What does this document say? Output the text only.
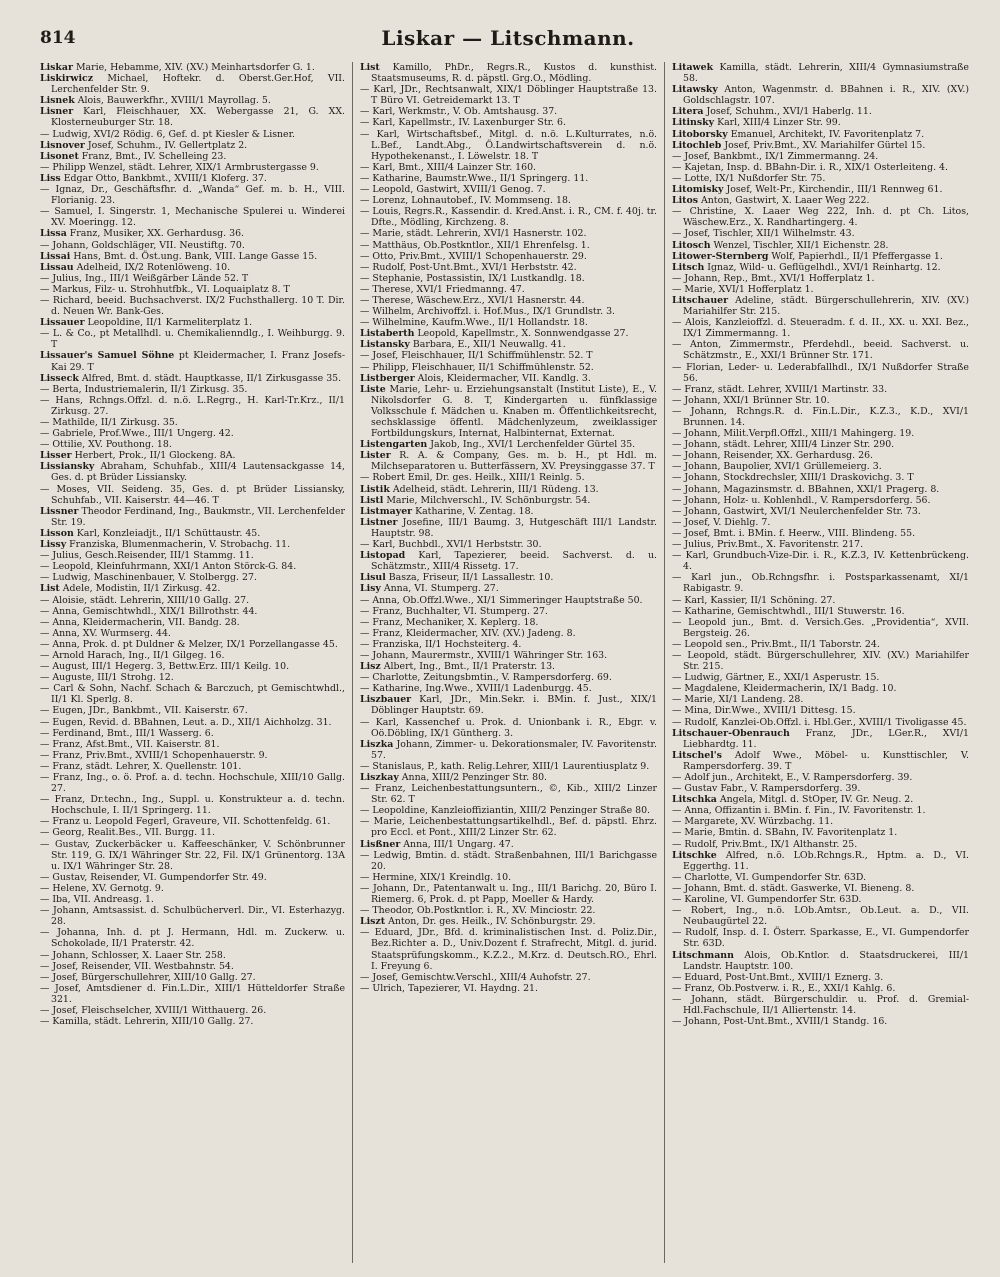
814	Liskar — Litschmann.
Liskar Marie, Hebamme, XIV. (XV.) Meinhartsdorfer G. 1.
Liskirwicz Michael, Hoftekr. d. Oberst.Ger.Hof, VII. Lerchenfelder Str. 9.
Lisnek Alois, Bauwerkfhr., XVIII/1 Mayrollag. 5.
Lisner Karl, Fleischhauer, XX. Webergasse 21, G. XX. Klosterneuburger Str. 18.
— Ludwig, XVI/2 Rödig. 6, Gef. d. pt Kiesler & Lisner.
Lisnover Josef, Schuhm., IV. Gellertplatz 2.
Lisonet Franz, Bmt., IV. Schelleing 23.
— Philipp Wenzel, städt. Lehrer, XIX/1 Armbrustergasse 9.
Liss Edgar Otto, Bankbmt., XVIII/1 Kloferg. 37.
— Ignaz, Dr., Geschäftsfhr. d. „Wanda“ Gef. m. b. H., VIII. Florianig. 23.
— Samuel, I. Singerstr. 1, Mechanische Spulerei u. Winderei XV. Moeringg. 12.
Lissa Franz, Musiker, XX. Gerhardusg. 36.
— Johann, Goldschläger, VII. Neustiftg. 70.
Lissai Hans, Bmt. d. Öst.ung. Bank, VIII. Lange Gasse 15.
Lissau Adelheid, IX/2 Rotenlöweng. 10.
— Julius, Ing., III/1 Weißgärber Lände 52. T
— Markus, Filz- u. Strohhutfbk., VI. Loquaiplatz 8. T
— Richard, beeid. Buchsachverst. IX/2 Fuchsthallerg. 10 T. Dir. d. Neuen Wr. Bank-Ges.
Lissauer Leopoldine, II/1 Karmeliterplatz 1.
— L. & Co., pt Metallhdl. u. Chemikalienndlg., I. Weihburgg. 9. T
Lissauer's Samuel Söhne pt Kleidermacher, I. Franz Josefs-Kai 29. T
Lisseck Alfred, Bmt. d. städt. Hauptkasse, II/1 Zirkusgasse 35.
— Berta, Industriemalerin, II/1 Zirkusg. 35.
— Hans, Rchngs.Offzl. d. n.ö. L.Regrg., H. Karl-Tr.Krz., II/1 Zirkusg. 27.
— Mathilde, II/1 Zirkusg. 35.
— Gabriele, Prof.Wwe., III/1 Ungerg. 42.
— Ottilie, XV. Pouthong. 18.
Lisser Herbert, Prok., II/1 Glockeng. 8A.
Lissiansky Abraham, Schuhfab., XIII/4 Lautensackgasse 14, Ges. d. pt Brüder Lissiansky.
— Moses, VII. Seideng. 35, Ges. d. pt Brüder Lissiansky, Schuhfab., VII. Kaiserstr. 44—46. T
Lissner Theodor Ferdinand, Ing., Baukmstr., VII. Lerchenfelder Str. 19.
Lisson Karl, Konzleiadjt., II/1 Schüttaustr. 45.
Lissy Franziska, Blumenmacherin, V. Strobachg. 11.
— Julius, Gesch.Reisender, III/1 Stammg. 11.
— Leopold, Kleinfuhrmann, XXI/1 Anton Störck-G. 84.
— Ludwig, Maschinenbauer, V. Stolbergg. 27.
List Adele, Modistin, II/1 Zirkusg. 42.
— Aloisie, städt. Lehrerin, XIII/10 Gallg. 27.
— Anna, Gemischtwhdl., XIX/1 Billrothstr. 44.
— Anna, Kleidermacherin, VII. Bandg. 28.
— Anna, XV. Wurmserg. 44.
— Anna, Prok. d. pt Duldner & Melzer, IX/1 Porzellangasse 45.
— Arnold Harach, Ing., II/1 Gilgeg. 16.
— August, III/1 Hegerg. 3, Bettw.Erz. III/1 Keilg. 10.
— Auguste, III/1 Strohg. 12.
— Carl & Sohn, Nachf. Schach & Barczuch, pt Gemischtwhdl., II/1 Kl. Sperlg. 8.
— Eugen, JDr., Bankbmt., VII. Kaiserstr. 67.
— Eugen, Revid. d. BBahnen, Leut. a. D., XII/1 Aichholzg. 31.
— Ferdinand, Bmt., III/1 Wasserg. 6.
— Franz, Afst.Bmt., VII. Kaiserstr. 81.
— Franz, Priv.Bmt., XVIII/1 Schopenhauerstr. 9.
— Franz, städt. Lehrer, X. Quellenstr. 101.
— Franz, Ing., o. ö. Prof. a. d. techn. Hochschule, XIII/10 Gallg. 27.
— Franz, Dr.techn., Ing., Suppl. u. Konstrukteur a. d. techn. Hochschule, I. II/1 Springerg. 11.
— Franz u. Leopold Fegerl, Graveure, VII. Schottenfeldg. 61.
— Georg, Realit.Bes., VII. Burgg. 11.
— Gustav, Zuckerbäcker u. Kaffeeschänker, V. Schönbrunner Str. 119, G. IX/1 Währinger Str. 22, Fil. IX/1 Grünentorg. 13A u. IX/1 Währinger Str. 28.
— Gustav, Reisender, VI. Gumpendorfer Str. 49.
— Helene, XV. Gernotg. 9.
— Iba, VII. Andreasg. 1.
— Johann, Amtsassist. d. Schulbücherverl. Dir., VI. Esterhazyg. 28.
— Johanna, Inh. d. pt J. Hermann, Hdl. m. Zuckerw. u. Schokolade, II/1 Praterstr. 42.
— Johann, Schlosser, X. Laaer Str. 258.
— Josef, Reisender, VII. Westbahnstr. 54.
— Josef, Bürgerschullehrer, XIII/10 Gallg. 27.
— Josef, Amtsdiener d. Fin.L.Dir., XIII/1 Hütteldorfer Straße 321.
— Josef, Fleischselcher, XVIII/1 Witthauerg. 26.
— Kamilla, städt. Lehrerin, XIII/10 Gallg. 27.
List Kamillo, PhDr., Regrs.R., Kustos d. kunsthist. Staatsmuseums, R. d. päpstl. Grg.O., Mödling.
— Karl, JDr., Rechtsanwalt, XIX/1 Döblinger Hauptstraße 13. T Büro VI. Getreidemarkt 13. T
— Karl, Werkmstr., V. Ob. Amtshausg. 37.
— Karl, Kapellmstr., IV. Laxenburger Str. 6.
— Karl, Wirtschaftsbef., Mitgl. d. n.ö. L.Kulturrates, n.ö. L.Bef., Landt.Abg., Ö.Landwirtschaftsverein d. n.ö. Hypothekenanst., I. Löwelstr. 18. T
— Karl, Bmt., XIII/4 Lainzer Str. 160.
— Katharine, Baumstr.Wwe., II/1 Springerg. 11.
— Leopold, Gastwirt, XVIII/1 Genog. 7.
— Lorenz, Lohnautobef., IV. Mommseng. 18.
— Louis, Regrs.R., Kassendir. d. Kred.Anst. i. R., CM. f. 40j. tr. Dfte., Mödling, Kirchzeng. 8.
— Marie, städt. Lehrerin, XVI/1 Hasnerstr. 102.
— Matthäus, Ob.Postkntlor., XII/1 Ehrenfelsg. 1.
— Otto, Priv.Bmt., XVIII/1 Schopenhauerstr. 29.
— Rudolf, Post-Unt.Bmt., XVI/1 Herbststr. 42.
— Stephanie, Postassistin, IX/1 Lustkandlg. 18.
— Therese, XVI/1 Friedmanng. 47.
— Therese, Wäschew.Erz., XVI/1 Hasnerstr. 44.
— Wilhelm, Archivoffzl. i. Hof.Mus., IX/1 Grundlstr. 3.
— Wilhelmine, Kaufm.Wwe., II/1 Hollandstr. 18.
Listaberth Leopold, Kapellmstr., X. Sonnwendgasse 27.
Listansky Barbara, E., XII/1 Neuwallg. 41.
— Josef, Fleischhauer, II/1 Schiffmühlenstr. 52. T
— Philipp, Fleischhauer, II/1 Schiffmühlenstr. 52.
Listberger Alois, Kleidermacher, VII. Kandlg. 3.
Liste Marie, Lehr- u. Erziehungsanstalt (Institut Liste), E., V. Nikolsdorfer G. 8. T, Kindergarten u. fünfklassige Volksschule f. Mädchen u. Knaben m. Öffentlichkeitsrecht, sechsklassige öffentl. Mädchenlyzeum, zweiklassiger Fortbildungskurs, Internat, Halbinternat, Externat.
Listengarten Jakob, Ing., XVI/1 Lerchenfelder Gürtel 35.
Lister R. A. & Company, Ges. m. b. H., pt Hdl. m. Milchseparatoren u. Butterfässern, XV. Preysinggasse 37. T
— Robert Emil, Dr. ges. Heilk., XIII/1 Reinlg. 5.
Listik Adelheid, städt. Lehrerin, III/1 Rüdeng. 13.
Listl Marie, Milchverschl., IV. Schönburgstr. 54.
Listmayer Katharine, V. Zentag. 18.
Listner Josefine, III/1 Baumg. 3, Hutgeschäft III/1 Landstr. Hauptstr. 98.
— Karl, Buchbdl., XVI/1 Herbststr. 30.
Listopad Karl, Tapezierer, beeid. Sachverst. d. u. Schätzmstr., XIII/4 Rissetg. 17.
Lisul Basza, Friseur, II/1 Lassallestr. 10.
Lisy Anna, VI. Stumperg. 27.
— Anna, Ob.Offzl.Wwe., XI/1 Simmeringer Hauptstraße 50.
— Franz, Buchhalter, VI. Stumperg. 27.
— Franz, Mechaniker, X. Keplerg. 18.
— Franz, Kleidermacher, XIV. (XV.) Jadeng. 8.
— Franziska, II/1 Hochsteiterg. 4.
— Johann, Maurermstr., XVIII/1 Währinger Str. 163.
Lisz Albert, Ing., Bmt., II/1 Praterstr. 13.
— Charlotte, Zeitungsbmtin., V. Rampersdorferg. 69.
— Katharine, Ing.Wwe., XVIII/1 Ladenburgg. 45.
Liszbauer Karl, JDr., Min.Sekr. i. BMin. f. Just., XIX/1 Döblinger Hauptstr. 69.
— Karl, Kassenchef u. Prok. d. Unionbank i. R., Ebgr. v. Oö.Döbling, IX/1 Güntherg. 3.
Liszka Johann, Zimmer- u. Dekorationsmaler, IV. Favoritenstr. 57.
— Stanislaus, P., kath. Relig.Lehrer, XIII/1 Laurentiusplatz 9.
Liszkay Anna, XIII/2 Penzinger Str. 80.
— Franz, Leichenbestattungsuntern., ©, Kib., XIII/2 Linzer Str. 62. T
— Leopoldine, Kanzleioffiziantin, XIII/2 Penzinger Straße 80.
— Marie, Leichenbestattungsartikelhdl., Bef. d. päpstl. Ehrz. pro Eccl. et Pont., XIII/2 Linzer Str. 62.
Lisßner Anna, III/1 Ungarg. 47.
— Ledwig, Bmtin. d. städt. Straßenbahnen, III/1 Barichgasse 20.
— Hermine, XIX/1 Kreindlg. 10.
— Johann, Dr., Patentanwalt u. Ing., III/1 Barichg. 20, Büro I. Riemerg. 6, Prok. d. pt Papp, Moeller & Hardy.
— Theodor, Ob.Postkntlor. i. R., XV. Minciostr. 22.
Liszt Anton, Dr. ges. Heilk., IV. Schönburgstr. 29.
— Eduard, JDr., Bfd. d. kriminalistischen Inst. d. Poliz.Dir., Bez.Richter a. D., Univ.Dozent f. Strafrecht, Mitgl. d. jurid. Staatsprüfungskomm., K.Z.2., M.Krz. d. Deutsch.RO., Ehrl. I. Freyung 6.
— Josef, Gemischtw.Verschl., XIII/4 Auhofstr. 27.
— Ulrich, Tapezierer, VI. Haydng. 21.
Litawek Kamilla, städt. Lehrerin, XIII/4 Gymnasiumstraße 58.
Litawsky Anton, Wagenmstr. d. BBahnen i. R., XIV. (XV.) Goldschlagstr. 107.
Litera Josef, Schuhm., XVI/1 Haberlg. 11.
Litinsky Karl, XIII/4 Linzer Str. 99.
Litoborsky Emanuel, Architekt, IV. Favoritenplatz 7.
Litochleb Josef, Priv.Bmt., XV. Mariahilfer Gürtel 15.
— Josef, Bankbmt., IX/1 Zimmermanng. 24.
— Kajetan, Insp. d. BBahn-Dir. i. R., XIX/1 Osterleiteng. 4.
— Lotte, IX/1 Nußdorfer Str. 75.
Litomisky Josef, Welt-Pr., Kirchendir., III/1 Rennweg 61.
Litos Anton, Gastwirt, X. Laaer Weg 222.
— Christine, X. Laaer Weg 222, Inh. d. pt Ch. Litos, Wäschew.Erz., X. Randhartingerg. 4.
— Josef, Tischler, XII/1 Wilhelmstr. 43.
Litosch Wenzel, Tischler, XII/1 Eichenstr. 28.
Litower-Sternberg Wolf, Papierhdl., II/1 Pfeffergasse 1.
Litsch Ignaz, Wild- u. Geflügelhdl., XVI/1 Reinhartg. 12.
— Johann, Rep., Bmt., XVI/1 Hofferplatz 1.
— Marie, XVI/1 Hofferplatz 1.
Litschauer Adeline, städt. Bürgerschullehrerin, XIV. (XV.) Mariahilfer Str. 215.
— Alois, Kanzleioffzl. d. Steueradm. f. d. II., XX. u. XXI. Bez., IX/1 Zimmermanng. 1.
— Anton, Zimmermstr., Pferdehdl., beeid. Sachverst. u. Schätzmstr., E., XXI/1 Brünner Str. 171.
— Florian, Leder- u. Lederabfallhdl., IX/1 Nußdorfer Straße 56.
— Franz, städt. Lehrer, XVIII/1 Martinstr. 33.
— Johann, XXI/1 Brünner Str. 10.
— Johann, Rchngs.R. d. Fin.L.Dir., K.Z.3., K.D., XVI/1 Brunnen. 14.
— Johann, Milit.Verpfl.Offzl., XIII/1 Mahingerg. 19.
— Johann, städt. Lehrer, XIII/4 Linzer Str. 290.
— Johann, Reisender, XX. Gerhardusg. 26.
— Johann, Baupolier, XVI/1 Grüllemeierg. 3.
— Johann, Stockdrechsler, XIII/1 Draskovichg. 3. T
— Johann, Magazinsmstr. d. BBahnen, XXI/1 Pragerg. 8.
— Johann, Holz- u. Kohlenhdl., V. Rampersdorferg. 56.
— Johann, Gastwirt, XVI/1 Neulerchenfelder Str. 73.
— Josef, V. Diehlg. 7.
— Josef, Bmt. i. BMin. f. Heerw., VIII. Blindeng. 55.
— Julius, Priv.Bmt., X. Favoritenstr. 217.
— Karl, Grundbuch-Vize-Dir. i. R., K.Z.3, IV. Kettenbrückeng. 4.
— Karl jun., Ob.Rchngsfhr. i. Postsparkassenamt, XI/1 Rabigastr. 9.
— Karl, Kassier, II/1 Schöning. 27.
— Katharine, Gemischtwhdl., III/1 Stuwerstr. 16.
— Leopold jun., Bmt. d. Versich.Ges. „Providentia“, XVII. Bergsteig. 26.
— Leopold sen., Priv.Bmt., II/1 Taborstr. 24.
— Leopold, städt. Bürgerschullehrer, XIV. (XV.) Mariahilfer Str. 215.
— Ludwig, Gärtner, E., XXI/1 Asperustr. 15.
— Magdalene, Kleidermacherin, IX/1 Badg. 10.
— Marie, XI/1 Landeng. 28.
— Mina, Dir.Wwe., XVIII/1 Dittesg. 15.
— Rudolf, Kanzlei-Ob.Offzl. i. Hbl.Ger., XVIII/1 Tivoligasse 45.
Litschauer-Obenrauch Franz, JDr., LGer.R., XVI/1 Liebhardtg. 11.
Litschel's Adolf Wwe., Möbel- u. Kunsttischler, V. Rampersdorferg. 39. T
— Adolf jun., Architekt, E., V. Rampersdorferg. 39.
— Gustav Fabr., V. Rampersdorferg. 39.
Litschka Angela, Mitgl. d. StOper, IV. Gr. Neug. 2.
— Anna, Offizantin i. BMin. f. Fin., IV. Favoritenstr. 1.
— Margarete, XV. Würzbachg. 11.
— Marie, Bmtin. d. SBahn, IV. Favoritenplatz 1.
— Rudolf, Priv.Bmt., IX/1 Althanstr. 25.
Litschke Alfred, n.ö. LOb.Rchngs.R., Hptm. a. D., VI. Eggerthg. 11.
— Charlotte, VI. Gumpendorfer Str. 63D.
— Johann, Bmt. d. städt. Gaswerke, VI. Bieneng. 8.
— Karoline, VI. Gumpendorfer Str. 63D.
— Robert, Ing., n.ö. LOb.Amtsr., Ob.Leut. a. D., VII. Neubaugürtel 22.
— Rudolf, Insp. d. I. Österr. Sparkasse, E., VI. Gumpendorfer Str. 63D.
Litschmann Alois, Ob.Kntlor. d. Staatsdruckerei, III/1 Landstr. Hauptstr. 100.
— Eduard, Post-Unt.Bmt., XVIII/1 Eznerg. 3.
— Franz, Ob.Postverw. i. R., E., XXI/1 Kahlg. 6.
— Johann, städt. Bürgerschuldir. u. Prof. d. Gremial-Hdl.Fachschule, II/1 Alliertenstr. 14.
— Johann, Post-Unt.Bmt., XVIII/1 Standg. 16.
